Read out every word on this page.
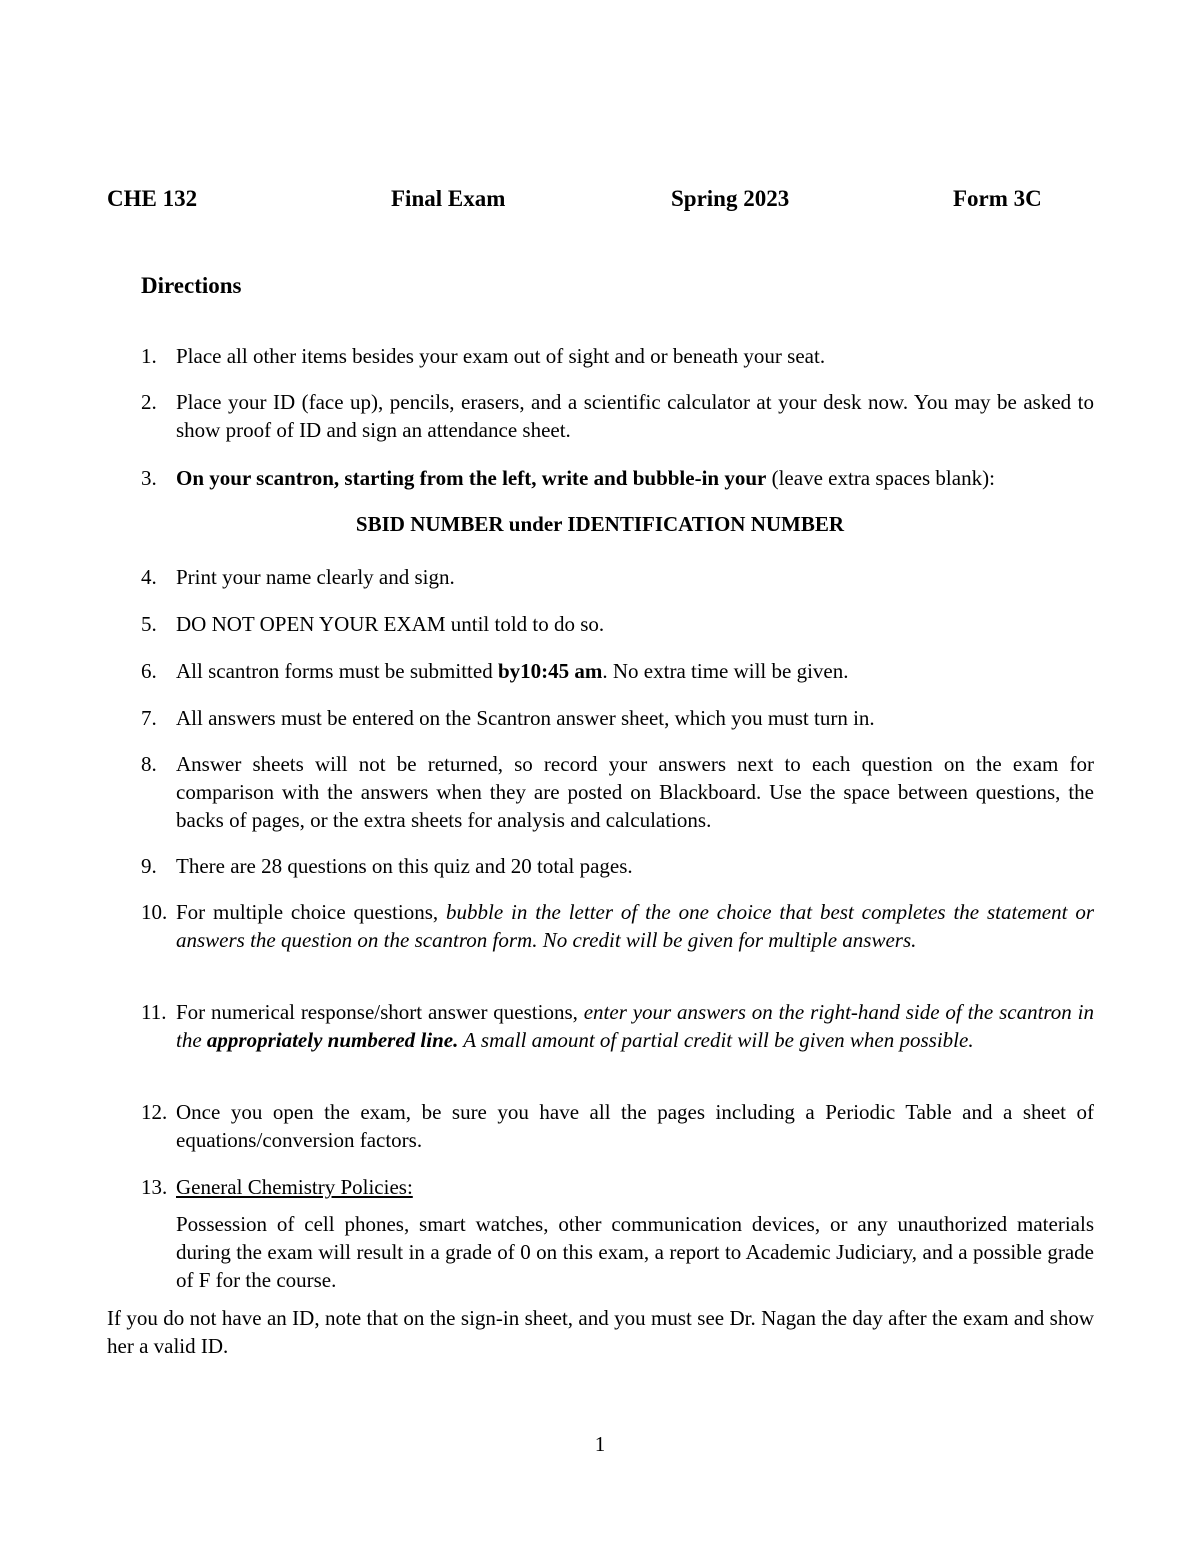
CHE 132	Final Exam	Spring 2023	Form 3C
Directions
1. Place all other items besides your exam out of sight and or beneath your seat.
2. Place your ID (face up), pencils, erasers, and a scientific calculator at your desk now. You may be asked to show proof of ID and sign an attendance sheet.
3. On your scantron, starting from the left, write and bubble-in your (leave extra spaces blank):
SBID NUMBER under IDENTIFICATION NUMBER
4. Print your name clearly and sign.
5. DO NOT OPEN YOUR EXAM until told to do so.
6. All scantron forms must be submitted by10:45 am. No extra time will be given.
7. All answers must be entered on the Scantron answer sheet, which you must turn in.
8. Answer sheets will not be returned, so record your answers next to each question on the exam for comparison with the answers when they are posted on Blackboard. Use the space between questions, the backs of pages, or the extra sheets for analysis and calculations.
9. There are 28 questions on this quiz and 20 total pages.
10. For multiple choice questions, bubble in the letter of the one choice that best completes the statement or answers the question on the scantron form. No credit will be given for multiple answers.
11. For numerical response/short answer questions, enter your answers on the right-hand side of the scantron in the appropriately numbered line. A small amount of partial credit will be given when possible.
12. Once you open the exam, be sure you have all the pages including a Periodic Table and a sheet of equations/conversion factors.
13. General Chemistry Policies:
Possession of cell phones, smart watches, other communication devices, or any unauthorized materials during the exam will result in a grade of 0 on this exam, a report to Academic Judiciary, and a possible grade of F for the course.
If you do not have an ID, note that on the sign-in sheet, and you must see Dr. Nagan the day after the exam and show her a valid ID.
1
